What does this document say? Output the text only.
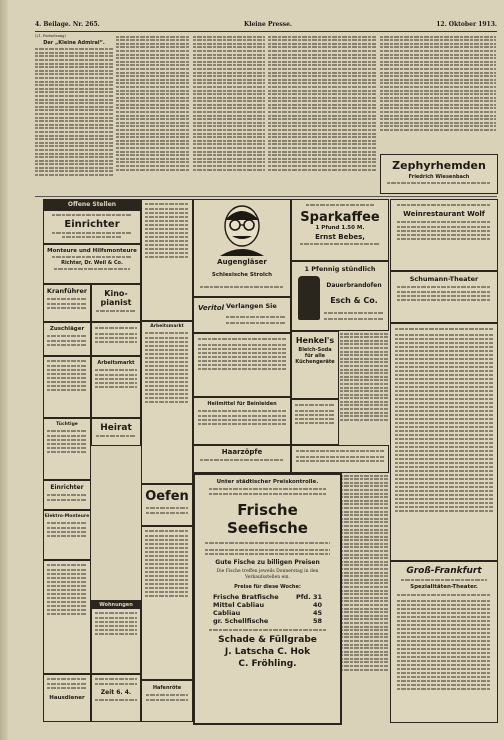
4. Beilage. Nr. 265.	Kleine Presse.	12. Oktober 1913.
(21. Fortsetzung)
Der „Kleine Admiral“.
Zephyrhemden
Friedrich Wiesenbach
Offene Stellen
Einrichter
Monteure und Hilfsmonteure
Richter, Dr. Weil & Co.
Kranführer	Kino-pianist
Zuschläger
Arbeitsmarkt
Tüchtige	Heirat
Einrichter
Elektro-Monteure
Oefen
Wohnungen
Hafenröte
Hausdiener
Zeit 6. 4.
Arbeitsmarkt
Augengläser
Schlesische Strolch
Veritol Verlangen Sie
Heilmittel für Beinleiden
Haarzöpfe
Sparkaffee
1 Pfund 1.50 M.
Ernst Bebes,
1 Pfennig stündlich
Dauerbrandofen
Esch & Co.
Henkel's
Bleich-Soda für alle Küchengeräte
Weinrestaurant Wolf
Schumann-Theater
Groß-Frankfurt
Spezialitäten-Theater.
Unter städtischer Preiskontrolle.
Frische Seefische
Gute Fische zu billigen Preisen
Die Fische treffen jeweils Donnerstag in den Verkaufsstellen ein.
Preise für diese Woche:
Frische Bratfische	Pfd. 31
Mittel Cabliau	40
Cabliau	45
gr. Schellfische	58
Schade & Füllgrabe
J. Latscha C. Hok
C. Fröhling.
